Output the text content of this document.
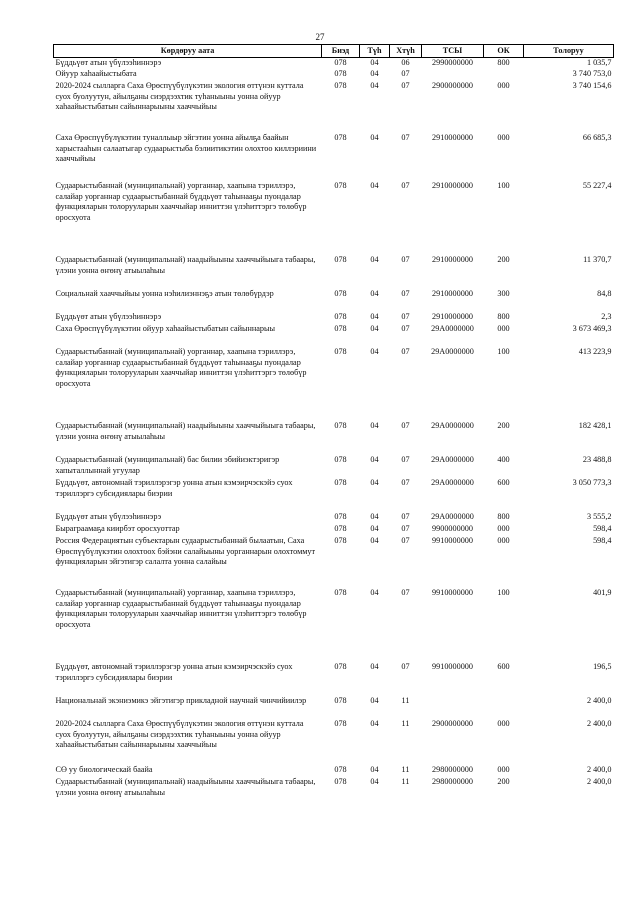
27
Көрдөруу аата	Биэд	Түh	Хтүh	ТСЫ	ОК	Толоруу
Бүддьүөт атын үбүлээhиннэрэ	078	04	06	2990000000	800	1 035,7
Ойуур хаhаайыстыбата	078	04	07			3 740 753,0
2020-2024 сылларга Саха Өрөспүүбүлүкэтин экология өттүнэн куттала суох буолуутун, айылҕаны сиэрдээхтик туhаныыны уонна ойуур хаhаайыстыбатын сайыннарыыны хааччыйыы	078	04	07	2900000000	000	3 740 154,6
Саха Өрөспүүбүлүкэтин туналлыыр эйгэтин уонна айылҕа баайын харыстааhын салаатыгар судаарыстыба бэлиитикэтин олохтоо киллэриини хааччыйыы	078	04	07	2910000000	000	66 685,3
Судаарыстыбаннай (муниципальнай) уорганнар, хаапына тэриллэрэ, салайар уорганнар судаарыстыбаннай бүддьүөт таhынааҕы пуондалар функцияларын толорууларын хааччыйар инниттэн үлэhиттэргэ төлөбүр оросхуота	078	04	07	2910000000	100	55 227,4
Судаарыстыбаннай (муниципальнай) наадыйыыны хааччыйыыга табаары, үлэни уонна өҥөнү атыылаhыы	078	04	07	2910000000	200	11 370,7
Социальнай хааччыйыы уонна нэhилиэннэҕэ атын төлөбүрдэр	078	04	07	2910000000	300	84,8
Бүддьүөт атын үбүлээhиннэрэ	078	04	07	2910000000	800	2,3
Саха Өрөспүүбүлүкэтин ойуур хаhаайыстыбатын сайыннарыы	078	04	07	29А0000000	000	3 673 469,3
Судаарыстыбаннай (муниципальнай) уорганнар, хаапына тэриллэрэ, салайар уорганнар судаарыстыбаннай бүддьүөт таhынааҕы пуондалар функцияларын толорууларын хааччыйар инниттэн үлэhиттэргэ төлөбүр оросхуота	078	04	07	29А0000000	100	413 223,9
Судаарыстыбаннай (муниципальнай) наадыйыыны хааччыйыыга табаары, үлэни уонна өҥөнү атыылаhыы	078	04	07	29А0000000	200	182 428,1
Судаарыстыбаннай (муниципальнай) бас билии эбийиэктэригэр хапыталлыннай угуулар	078	04	07	29А0000000	400	23 488,8
Бүддьүөт, автономнай тэриллэрэгэр уонна атын кэмэирчэскэйэ суох тэриллэргэ субсидиялары биэрии	078	04	07	29А0000000	600	3 050 773,3
Бүддьүөт атын үбүлээhиннэрэ	078	04	07	29А0000000	800	3 555,2
Быраграамаҕа киирбэт оросхуоттар	078	04	07	9900000000	000	598,4
Россия Федерациятын субъектарын судаарыстыбаннай былаатын, Саха Өрөспүүбүлүкэтин олохтоох бэйэни салайыыны уорганнарын олохтоммут функцияларын эйгэтигэр салалта уонна салайыы	078	04	07	9910000000	000	598,4
Судаарыстыбаннай (муниципальнай) уорганнар, хаапына тэриллэрэ, салайар уорганнар судаарыстыбаннай бүддьүөт таhынааҕы пуондалар функцияларын толорууларын хааччыйар инниттэн үлэhиттэргэ төлөбүр оросхуота	078	04	07	9910000000	100	401,9
Бүддьүөт, автономнай тэриллэрэгэр уонна атын кэмэирчэскэйэ суох тэриллэргэ субсидиялары биэрии	078	04	07	9910000000	600	196,5
Национальнай экэниэмикэ эйгэтигэр прикладной научнай чинчийиилэр	078	04	11			2 400,0
2020-2024 сылларга Саха Өрөспүүбүлүкэтин экология өттүнэн куттала суох буолуутун, айылҕаны сиэрдээхтик туhаныыны уонна ойуур хаhаайыстыбатын сайыннарыыны хааччыйыы	078	04	11	2900000000	000	2 400,0
СӨ уу биологическай баайа	078	04	11	2980000000	000	2 400,0
Судаарыстыбаннай (муниципальнай) наадыйыыны хааччыйыыга табаары, үлэни уонна өҥөнү атыылаhыы	078	04	11	2980000000	200	2 400,0
